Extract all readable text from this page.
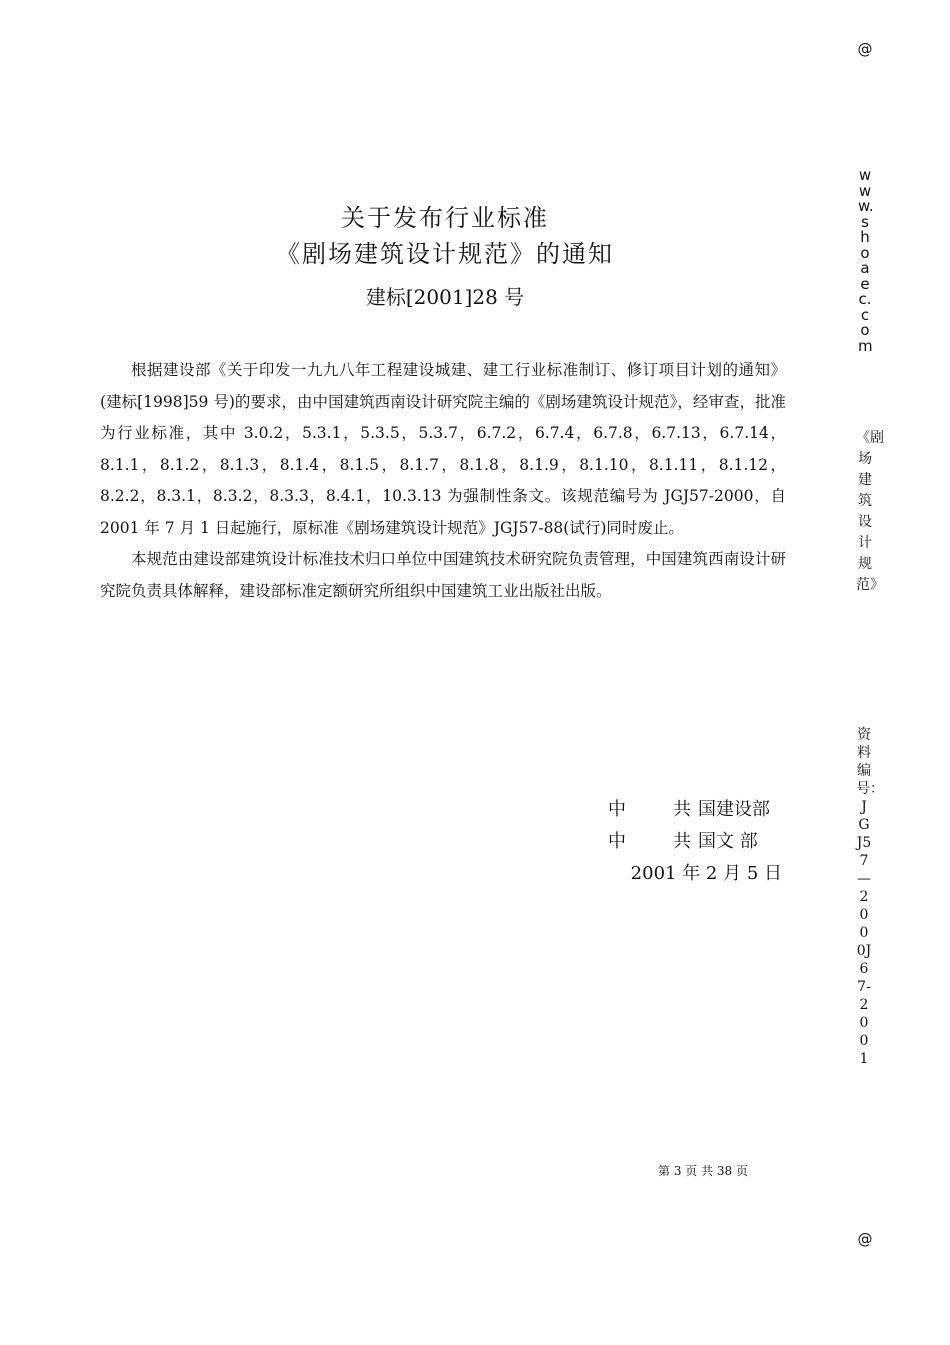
关于发布行业标准
《剧场建筑设计规范》的通知
建标[2001]28 号

根据建设部《关于印发一九九八年工程建设城建、建工行业标准制订、修订项目计划的通知》(建标[1998]59 号)的要求，由中国建筑西南设计研究院主编的《剧场建筑设计规范》，经审查，批准为行业标准，其中 3.0.2，5.3.1，5.3.5，5.3.7，6.7.2，6.7.4，6.7.8，6.7.13，6.7.14，8.1.1，8.1.2，8.1.3，8.1.4，8.1.5，8.1.7，8.1.8，8.1.9，8.1.10，8.1.11，8.1.12，8.2.2，8.3.1，8.3.2，8.3.3，8.4.1，10.3.13 为强制性条文。该规范编号为 JGJ57-2000，自 2001 年 7 月 1 日起施行，原标准《剧场建筑设计规范》JGJ57-88(试行)同时废止。

本规范由建设部建筑设计标准技术归口单位中国建筑技术研究院负责管理，中国建筑西南设计研究院负责具体解释，建设部标准定额研究所组织中国建筑工业出版社出版。

中	共 国建设部
中	共 国文 部
2001 年 2 月 5 日
第 3 页 共 38 页
@
www.shoaec.com
《剧场建筑设计规范》
资料编号：JGJ57—2000J67-2001
@
